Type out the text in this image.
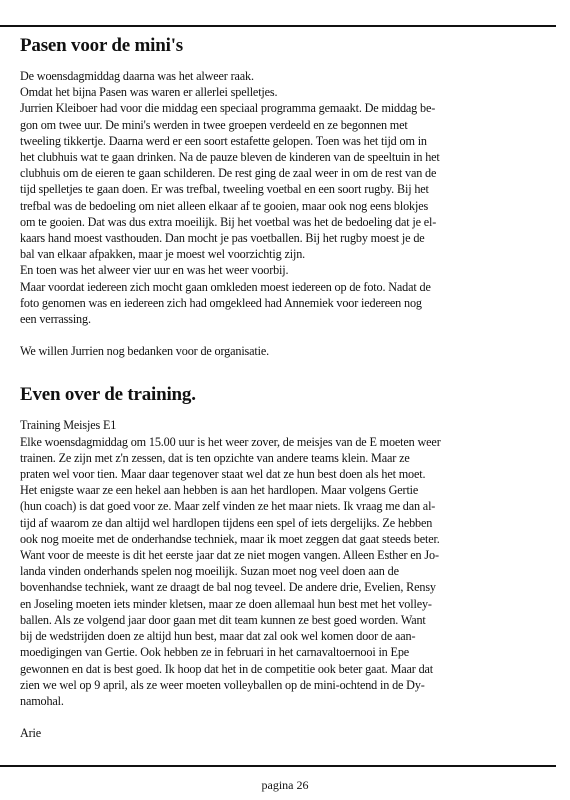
Pasen voor de mini's
De woensdagmiddag daarna was het alweer raak.
Omdat het bijna Pasen was waren er allerlei spelletjes.
Jurrien Kleiboer had voor die middag een speciaal programma gemaakt. De middag be-
gon om twee uur. De mini's werden in twee groepen verdeeld en ze begonnen met
tweeling tikkertje. Daarna werd er een soort estafette gelopen. Toen was het tijd om in
het clubhuis wat te gaan drinken. Na de pauze bleven de kinderen van de speeltuin in het
clubhuis om de eieren te gaan schilderen. De rest ging de zaal weer in om de rest van de
tijd spelletjes te gaan doen. Er was trefbal, tweeling voetbal en een soort rugby. Bij het
trefbal was de bedoeling om niet alleen elkaar af te gooien, maar ook nog eens blokjes
om te gooien. Dat was dus extra moeilijk. Bij het voetbal was het de bedoeling dat je el-
kaars hand moest vasthouden. Dan mocht je pas voetballen. Bij het rugby moest je de
bal van elkaar afpakken, maar je moest wel voorzichtig zijn.
En toen was het alweer vier uur en was het weer voorbij.
Maar voordat iedereen zich mocht gaan omkleden moest iedereen op de foto. Nadat de
foto genomen was en iedereen zich had omgekleed had Annemiek voor iedereen nog
een verrassing.
We willen Jurrien nog bedanken voor de organisatie.
Even over de training.
Training Meisjes E1
Elke woensdagmiddag om 15.00 uur is het weer zover, de meisjes van de E moeten weer
trainen. Ze zijn met z'n zessen, dat is ten opzichte van andere teams klein. Maar ze
praten wel voor tien. Maar daar tegenover staat wel dat ze hun best doen als het moet.
Het enigste waar ze een hekel aan hebben is aan het hardlopen. Maar volgens Gertie
(hun coach) is dat goed voor ze. Maar zelf vinden ze het maar niets. Ik vraag me dan al-
tijd af waarom ze dan altijd wel hardlopen tijdens een spel of iets dergelijks. Ze hebben
ook nog moeite met de onderhandse techniek, maar ik moet zeggen dat gaat steeds beter.
Want voor de meeste is dit het eerste jaar dat ze niet mogen vangen. Alleen Esther en Jo-
landa vinden onderhands spelen nog moeilijk. Suzan moet nog veel doen aan de
bovenhandse techniek, want ze draagt de bal nog teveel. De andere drie, Evelien, Rensy
en Joseling moeten iets minder kletsen, maar ze doen allemaal hun best met het volley-
ballen. Als ze volgend jaar door gaan met dit team kunnen ze best goed worden. Want
bij de wedstrijden doen ze altijd hun best, maar dat zal ook wel komen door de aan-
moedigingen van Gertie. Ook hebben ze in februari in het carnavaltoernooi in Epe
gewonnen en dat is best goed. Ik hoop dat het in de competitie ook beter gaat. Maar dat
zien we wel op 9 april, als ze weer moeten volleyballen op de mini-ochtend in de Dy-
namohal.
Arie
pagina 26
